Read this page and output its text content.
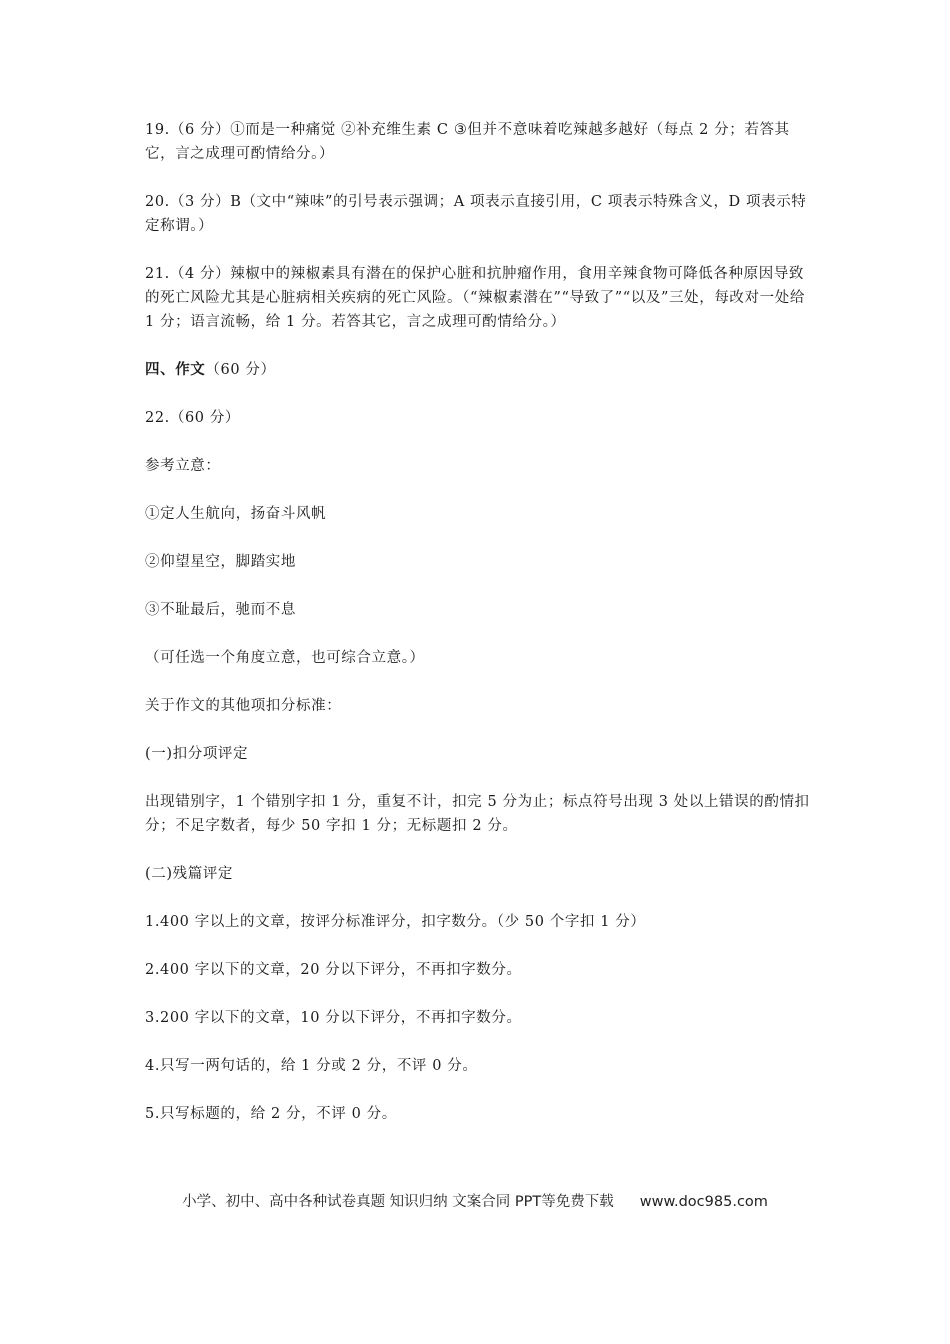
19.（6 分）①而是一种痛觉 ②补充维生素 C ③但并不意味着吃辣越多越好（每点 2 分；若答其它，言之成理可酌情给分。）

20.（3 分）B（文中“辣味”的引号表示强调；A 项表示直接引用，C 项表示特殊含义，D 项表示特定称谓。）

21.（4 分）辣椒中的辣椒素具有潜在的保护心脏和抗肿瘤作用，食用辛辣食物可降低各种原因导致的死亡风险尤其是心脏病相关疾病的死亡风险。（“辣椒素潜在”“导致了”“以及”三处，每改对一处给 1 分；语言流畅，给 1 分。若答其它，言之成理可酌情给分。）

四、作文（60 分）

22.（60 分）

参考立意：

①定人生航向，扬奋斗风帆

②仰望星空，脚踏实地

③不耻最后，驰而不息

（可任选一个角度立意，也可综合立意。）

关于作文的其他项扣分标准：

(一)扣分项评定

出现错别字，1 个错别字扣 1 分，重复不计，扣完 5 分为止；标点符号出现 3 处以上错误的酌情扣分；不足字数者，每少 50 字扣 1 分；无标题扣 2 分。

(二)残篇评定

1.400 字以上的文章，按评分标准评分，扣字数分。（少 50 个字扣 1 分）

2.400 字以下的文章，20 分以下评分，不再扣字数分。

3.200 字以下的文章，10 分以下评分，不再扣字数分。

4.只写一两句话的，给 1 分或 2 分，不评 0 分。

5.只写标题的，给 2 分，不评 0 分。

小学、初中、高中各种试卷真题 知识归纳 文案合同 PPT等免费下载 www.doc985.com
